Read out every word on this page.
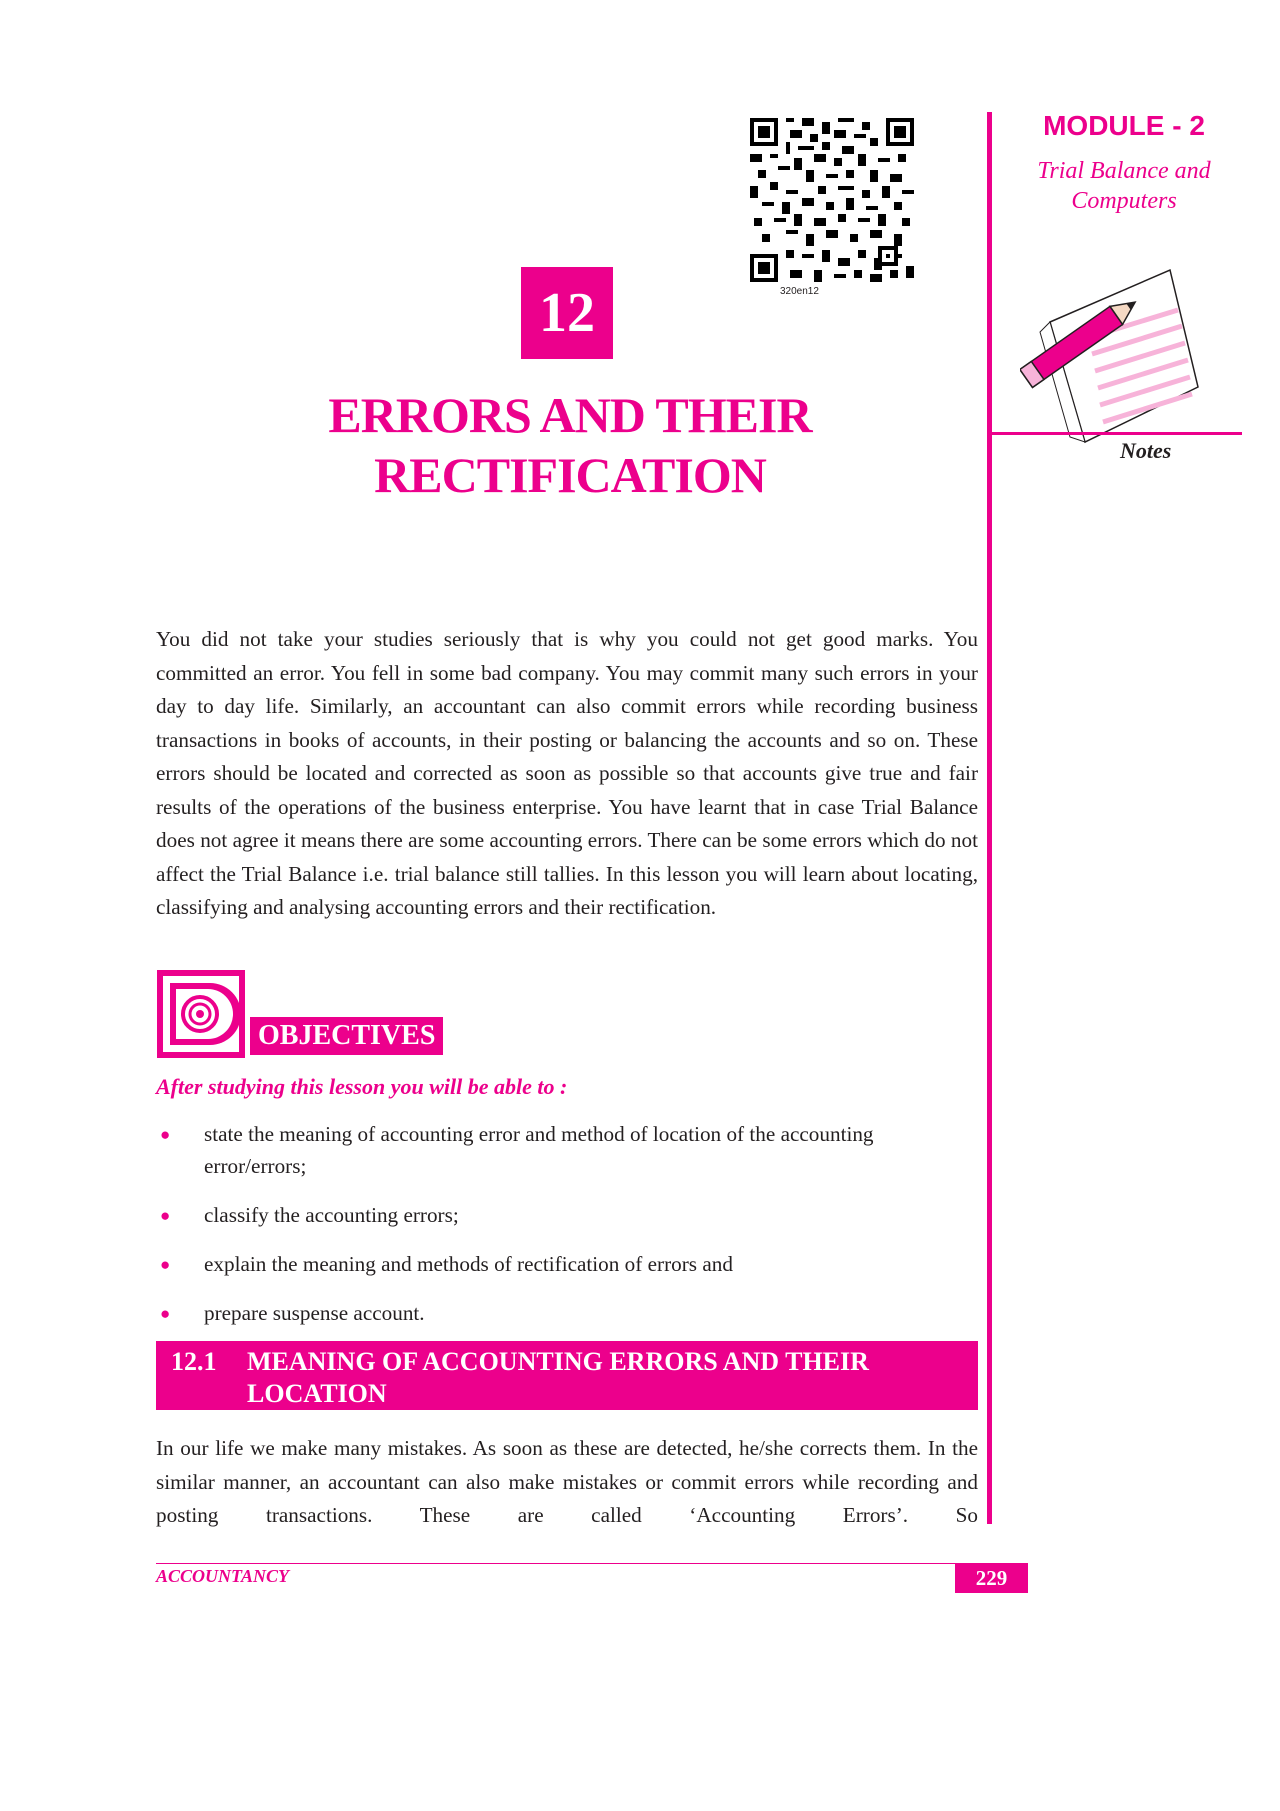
320en12
12
ERRORS AND THEIR
RECTIFICATION
MODULE - 2
Trial Balance and
Computers
Notes

You did not take your studies seriously that is why you could not get good marks. You committed an error. You fell in some bad company. You may commit many such errors in your day to day life. Similarly, an accountant can also commit errors while recording business transactions in books of accounts, in their posting or balancing the accounts and so on. These errors should be located and corrected as soon as possible so that accounts give true and fair results of the operations of the business enterprise. You have learnt that in case Trial Balance does not agree it means there are some accounting errors. There can be some errors which do not affect the Trial Balance i.e. trial balance still tallies. In this lesson you will learn about locating, classifying and analysing accounting errors and their rectification.

OBJECTIVES
After studying this lesson you will be able to :
● state the meaning of accounting error and method of location of the accounting error/errors;
● classify the accounting errors;
● explain the meaning and methods of rectification of errors and
● prepare suspense account.
12.1 MEANING OF ACCOUNTING ERRORS AND THEIR
LOCATION

In our life we make many mistakes. As soon as these are detected, he/she corrects them. In the similar manner, an accountant can also make mistakes or commit errors while recording and posting transactions. These are called ‘Accounting Errors’. So

ACCOUNTANCY	229
